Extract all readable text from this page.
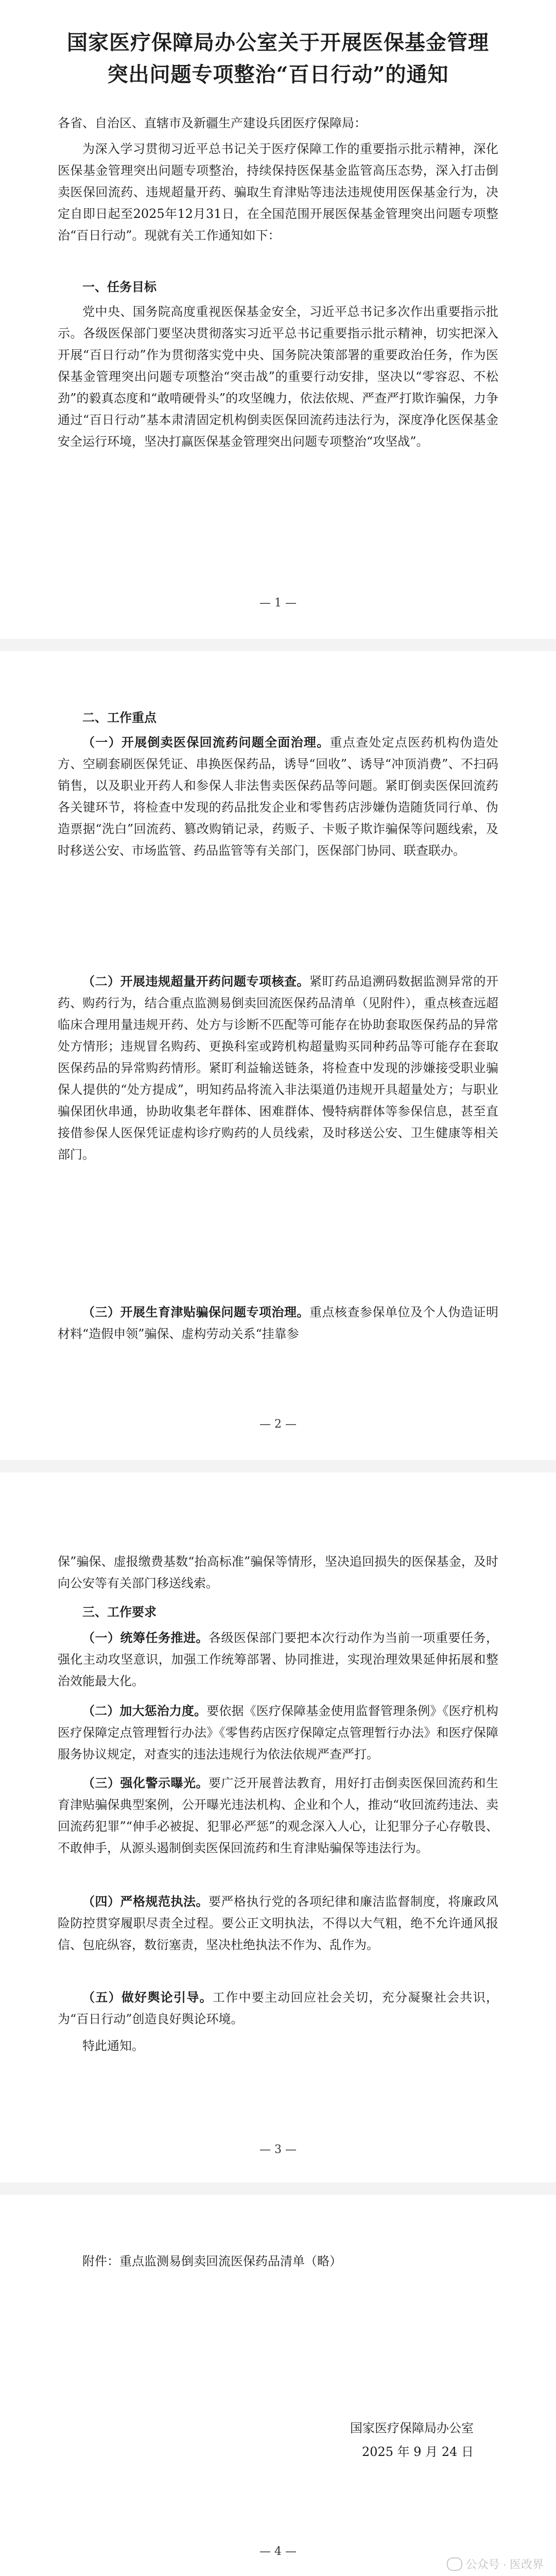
国家医疗保障局办公室关于开展医保基金管理
突出问题专项整治“百日行动”的通知
各省、自治区、直辖市及新疆生产建设兵团医疗保障局：
为深入学习贯彻习近平总书记关于医疗保障工作的重要指示批示精神，深化医保基金管理突出问题专项整治，持续保持医保基金监管高压态势，深入打击倒卖医保回流药、违规超量开药、骗取生育津贴等违法违规使用医保基金行为，决定自即日起至2025年12月31日，在全国范围开展医保基金管理突出问题专项整治“百日行动”。现就有关工作通知如下：
一、任务目标
党中央、国务院高度重视医保基金安全，习近平总书记多次作出重要指示批示。各级医保部门要坚决贯彻落实习近平总书记重要指示批示精神，切实把深入开展“百日行动”作为贯彻落实党中央、国务院决策部署的重要政治任务，作为医保基金管理突出问题专项整治“突击战”的重要行动安排，坚决以“零容忍、不松劲”的毅真态度和“敢啃硬骨头”的攻坚魄力，依法依规、严查严打欺诈骗保，力争通过“百日行动”基本肃清固定机构倒卖医保回流药违法行为，深度净化医保基金安全运行环境，坚决打赢医保基金管理突出问题专项整治“攻坚战”。
— 1 —
二、工作重点
（一）开展倒卖医保回流药问题全面治理。重点查处定点医药机构伪造处方、空刷套刷医保凭证、串换医保药品，诱导“回收”、诱导“冲顶消费”、不扫码销售，以及职业开药人和参保人非法售卖医保药品等问题。紧盯倒卖医保回流药各关键环节，将检查中发现的药品批发企业和零售药店涉嫌伪造随货同行单、伪造票据“洗白”回流药、篡改购销记录，药贩子、卡贩子欺诈骗保等问题线索，及时移送公安、市场监管、药品监管等有关部门，医保部门协同、联查联办。
（二）开展违规超量开药问题专项核查。紧盯药品追溯码数据监测异常的开药、购药行为，结合重点监测易倒卖回流医保药品清单（见附件），重点核查远超临床合理用量违规开药、处方与诊断不匹配等可能存在协助套取医保药品的异常处方情形；违规冒名购药、更换科室或跨机构超量购买同种药品等可能存在套取医保药品的异常购药情形。紧盯利益输送链条，将检查中发现的涉嫌接受职业骗保人提供的“处方提成”，明知药品将流入非法渠道仍违规开具超量处方；与职业骗保团伙串通，协助收集老年群体、困难群体、慢特病群体等参保信息，甚至直接借参保人医保凭证虚构诊疗购药的人员线索，及时移送公安、卫生健康等相关部门。
（三）开展生育津贴骗保问题专项治理。重点核查参保单位及个人伪造证明材料“造假申领”骗保、虚构劳动关系“挂靠参
— 2 —
保”骗保、虚报缴费基数“抬高标准”骗保等情形，坚决追回损失的医保基金，及时向公安等有关部门移送线索。
三、工作要求
（一）统筹任务推进。各级医保部门要把本次行动作为当前一项重要任务，强化主动攻坚意识，加强工作统筹部署、协同推进，实现治理效果延伸拓展和整治效能最大化。
（二）加大惩治力度。要依据《医疗保障基金使用监督管理条例》《医疗机构医疗保障定点管理暂行办法》《零售药店医疗保障定点管理暂行办法》和医疗保障服务协议规定，对查实的违法违规行为依法依规严查严打。
（三）强化警示曝光。要广泛开展普法教育，用好打击倒卖医保回流药和生育津贴骗保典型案例，公开曝光违法机构、企业和个人，推动“收回流药违法、卖回流药犯罪”“伸手必被捉、犯罪必严惩”的观念深入人心，让犯罪分子心存敬畏、不敢伸手，从源头遏制倒卖医保回流药和生育津贴骗保等违法行为。
（四）严格规范执法。要严格执行党的各项纪律和廉洁监督制度，将廉政风险防控贯穿履职尽责全过程。要公正文明执法，不得以大气粗，绝不允许通风报信、包庇纵容，数衍塞责，坚决杜绝执法不作为、乱作为。
（五）做好舆论引导。工作中要主动回应社会关切，充分凝聚社会共识，为“百日行动”创造良好舆论环境。
特此通知。
— 3 —
附件：重点监测易倒卖回流医保药品清单（略）
国家医疗保障局办公室
2025 年 9 月 24 日
— 4 —
公众号 · 医改界
